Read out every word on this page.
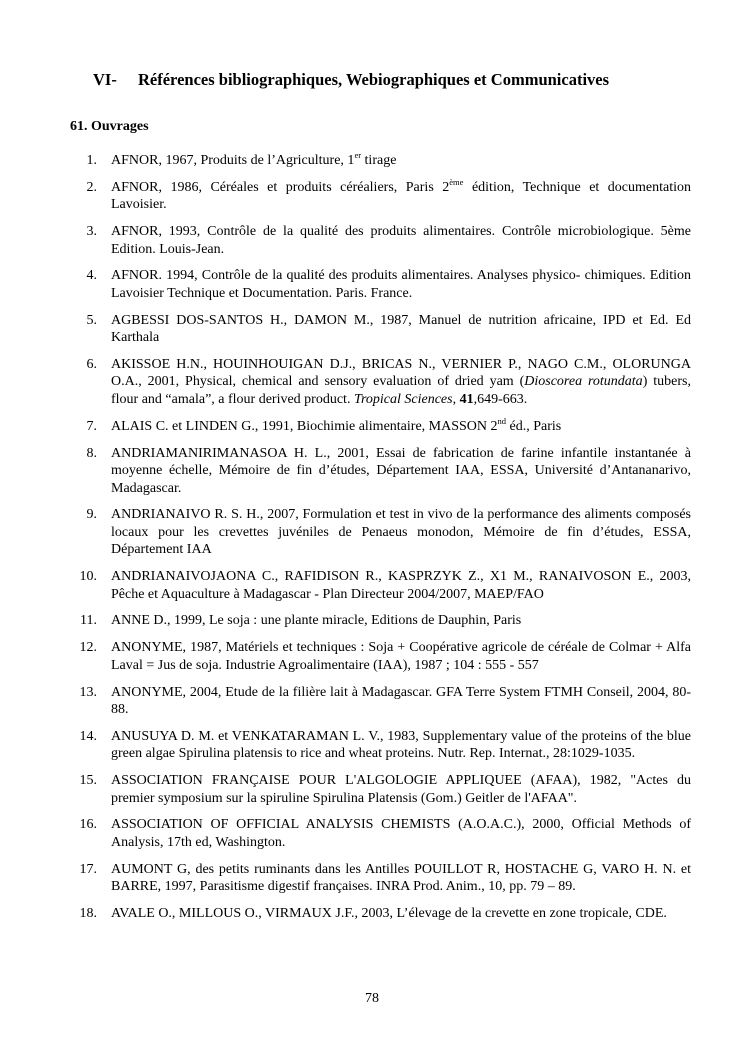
VI- Références bibliographiques, Webiographiques et Communicatives
61. Ouvrages
1. AFNOR, 1967, Produits de l’Agriculture, 1er tirage
2. AFNOR, 1986, Céréales et produits céréaliers, Paris 2ème édition, Technique et documentation Lavoisier.
3. AFNOR, 1993, Contrôle de la qualité des produits alimentaires. Contrôle microbiologique. 5ème Edition. Louis-Jean.
4. AFNOR. 1994, Contrôle de la qualité des produits alimentaires. Analyses physico- chimiques. Edition Lavoisier Technique et Documentation. Paris. France.
5. AGBESSI DOS-SANTOS H., DAMON M., 1987, Manuel de nutrition africaine, IPD et Ed. Ed Karthala
6. AKISSOE H.N., HOUINHOUIGAN D.J., BRICAS N., VERNIER P., NAGO C.M., OLORUNGA O.A., 2001, Physical, chemical and sensory evaluation of dried yam (Dioscorea rotundata) tubers, flour and “amala”, a flour derived product. Tropical Sciences, 41,649-663.
7. ALAIS C. et LINDEN G., 1991, Biochimie alimentaire, MASSON 2nd éd., Paris
8. ANDRIAMANIRIMANASOA H. L., 2001, Essai de fabrication de farine infantile instantanée à moyenne échelle, Mémoire de fin d’études, Département IAA, ESSA, Université d’Antananarivo, Madagascar.
9. ANDRIANAIVO R. S. H., 2007, Formulation et test in vivo de la performance des aliments composés locaux pour les crevettes juvéniles de Penaeus monodon, Mémoire de fin d’études, ESSA, Département IAA
10. ANDRIANAIVOJAONA C., RAFIDISON R., KASPRZYK Z., X1 M., RANAIVOSON E., 2003, Pêche et Aquaculture à Madagascar - Plan Directeur 2004/2007, MAEP/FAO
11. ANNE D., 1999, Le soja : une plante miracle, Editions de Dauphin, Paris
12. ANONYME, 1987, Matériels et techniques : Soja + Coopérative agricole de céréale de Colmar + Alfa Laval = Jus de soja. Industrie Agroalimentaire (IAA), 1987 ; 104 : 555 - 557
13. ANONYME, 2004, Etude de la filière lait à Madagascar. GFA Terre System FTMH Conseil, 2004, 80-88.
14. ANUSUYA D. M. et VENKATARAMAN L. V., 1983, Supplementary value of the proteins of the blue green algae Spirulina platensis to rice and wheat proteins. Nutr. Rep. Internat., 28:1029-1035.
15. ASSOCIATION FRANÇAISE POUR L'ALGOLOGIE APPLIQUEE (AFAA), 1982, "Actes du premier symposium sur la spiruline Spirulina Platensis (Gom.) Geitler de l'AFAA".
16. ASSOCIATION OF OFFICIAL ANALYSIS CHEMISTS (A.O.A.C.), 2000, Official Methods of Analysis, 17th ed, Washington.
17. AUMONT G, des petits ruminants dans les Antilles POUILLOT R, HOSTACHE G, VARO H. N. et BARRE, 1997, Parasitisme digestif françaises. INRA Prod. Anim., 10, pp. 79 – 89.
18. AVALE O., MILLOUS O., VIRMAUX J.F., 2003, L’élevage de la crevette en zone tropicale, CDE.
78
